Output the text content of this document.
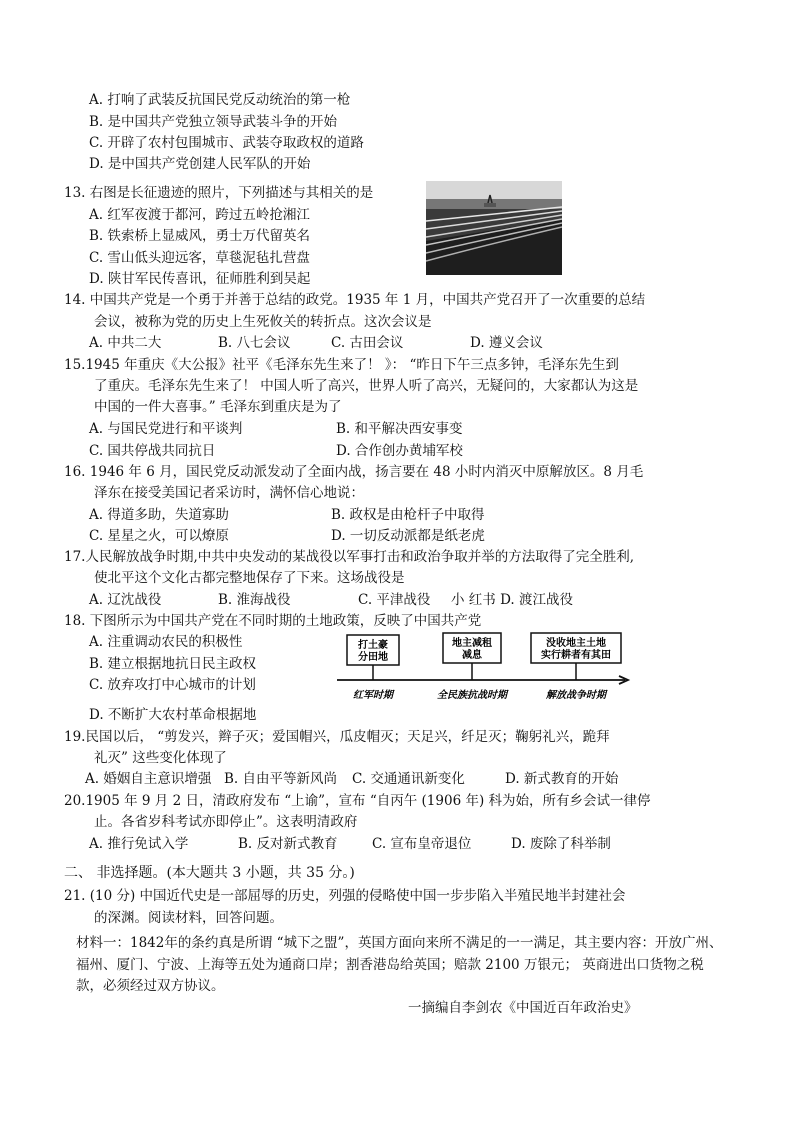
A. 打响了武装反抗国民党反动统治的第一枪
B. 是中国共产党独立领导武装斗争的开始
C. 开辟了农村包围城市、武装夺取政权的道路
D. 是中国共产党创建人民军队的开始
13. 右图是长征遗迹的照片，下列描述与其相关的是
A. 红军夜渡于都河，跨过五岭抢湘江
B. 铁索桥上显威风，勇士万代留英名
C. 雪山低头迎远客，草毯泥毡扎营盘
D. 陕甘军民传喜讯，征师胜利到吴起
14. 中国共产党是一个勇于并善于总结的政党。1935 年 1 月，中国共产党召开了一次重要的总结
会议，被称为党的历史上生死攸关的转折点。这次会议是
A. 中共二大	B. 八七会议	C. 古田会议	D. 遵义会议
15.1945 年重庆《大公报》社平《毛泽东先生来了！ 》： “昨日下午三点多钟，毛泽东先生到
了重庆。毛泽东先生来了！ 中国人听了高兴，世界人听了高兴，无疑问的，大家都认为这是
中国的一件大喜事。” 毛泽东到重庆是为了
A. 与国民党进行和平谈判	B. 和平解决西安事变
C. 国共停战共同抗日	D. 合作创办黄埔军校
16. 1946 年 6 月，国民党反动派发动了全面内战，扬言要在 48 小时内消灭中原解放区。8 月毛
泽东在接受美国记者采访时，满怀信心地说：
A. 得道多助，失道寡助	B. 政权是由枪杆子中取得
C. 星星之火，可以燎原	D. 一切反动派都是纸老虎
17.人民解放战争时期,中共中央发动的某战役以军事打击和政治争取并举的方法取得了完全胜利,
使北平这个文化古都完整地保存了下来。这场战役是
A. 辽沈战役	B. 淮海战役	C. 平津战役 小 红书 D. 渡江战役
18. 下图所示为中国共产党在不同时期的土地政策，反映了中国共产党
A. 注重调动农民的积极性
B. 建立根据地抗日民主政权
C. 放弃攻打中心城市的计划
D. 不断扩大农村革命根据地
打土豪
分田地
地主减租
减息
没收地主土地
实行耕者有其田
红军时期	全民族抗战时期	解放战争时期
19.民国以后， “剪发兴，辫子灭；爱国帽兴，瓜皮帽灭；天足兴，纤足灭；鞠躬礼兴，跪拜
礼灭” 这些变化体现了
A. 婚姻自主意识增强 B. 自由平等新风尚 C. 交通通讯新变化	D. 新式教育的开始
20.1905 年 9 月 2 日，清政府发布 “上谕”，宣布 “自丙午 (1906 年) 科为始，所有乡会试一律停
止。各省岁科考试亦即停止”。这表明清政府
A. 推行免试入学	B. 反对新式教育	C. 宣布皇帝退位	D. 废除了科举制
二、 非选择题。(本大题共 3 小题，共 35 分。)
21. (10 分) 中国近代史是一部屈辱的历史，列强的侵略使中国一步步陷入半殖民地半封建社会
的深渊。阅读材料，回答问题。
材料一：1842年的条约真是所谓 “城下之盟”，英国方面向来所不满足的一一满足，其主要内容：开放广州、
福州、厦门、宁波、上海等五处为通商口岸；割香港岛给英国；赔款 2100 万银元； 英商进出口货物之税
款，必须经过双方协议。
一摘编自李剑农《中国近百年政治史》
